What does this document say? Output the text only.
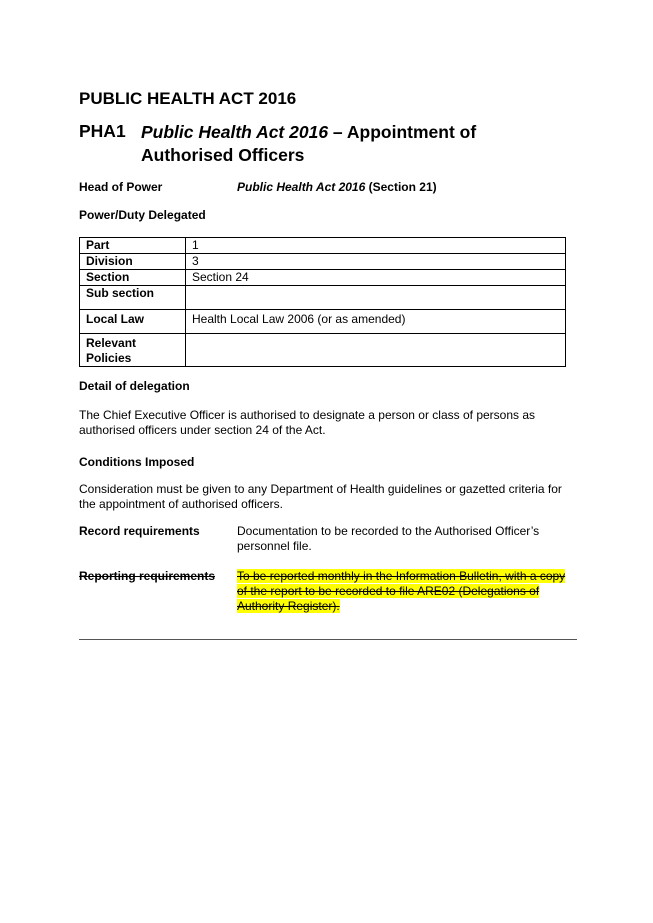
PUBLIC HEALTH ACT 2016
PHA1 Public Health Act 2016 – Appointment of Authorised Officers
Head of Power	Public Health Act 2016 (Section 21)
Power/Duty Delegated
Part	1
Division	3
Section	Section 24
Sub section	
Local Law	Health Local Law 2006 (or as amended)
Relevant Policies	
Detail of delegation
The Chief Executive Officer is authorised to designate a person or class of persons as authorised officers under section 24 of the Act.
Conditions Imposed
Consideration must be given to any Department of Health guidelines or gazetted criteria for the appointment of authorised officers.
Record requirements	Documentation to be recorded to the Authorised Officer’s personnel file.
Reporting requirements To be reported monthly in the Information Bulletin, with a copy of the report to be recorded to file ARE02 (Delegations of Authority Register).
